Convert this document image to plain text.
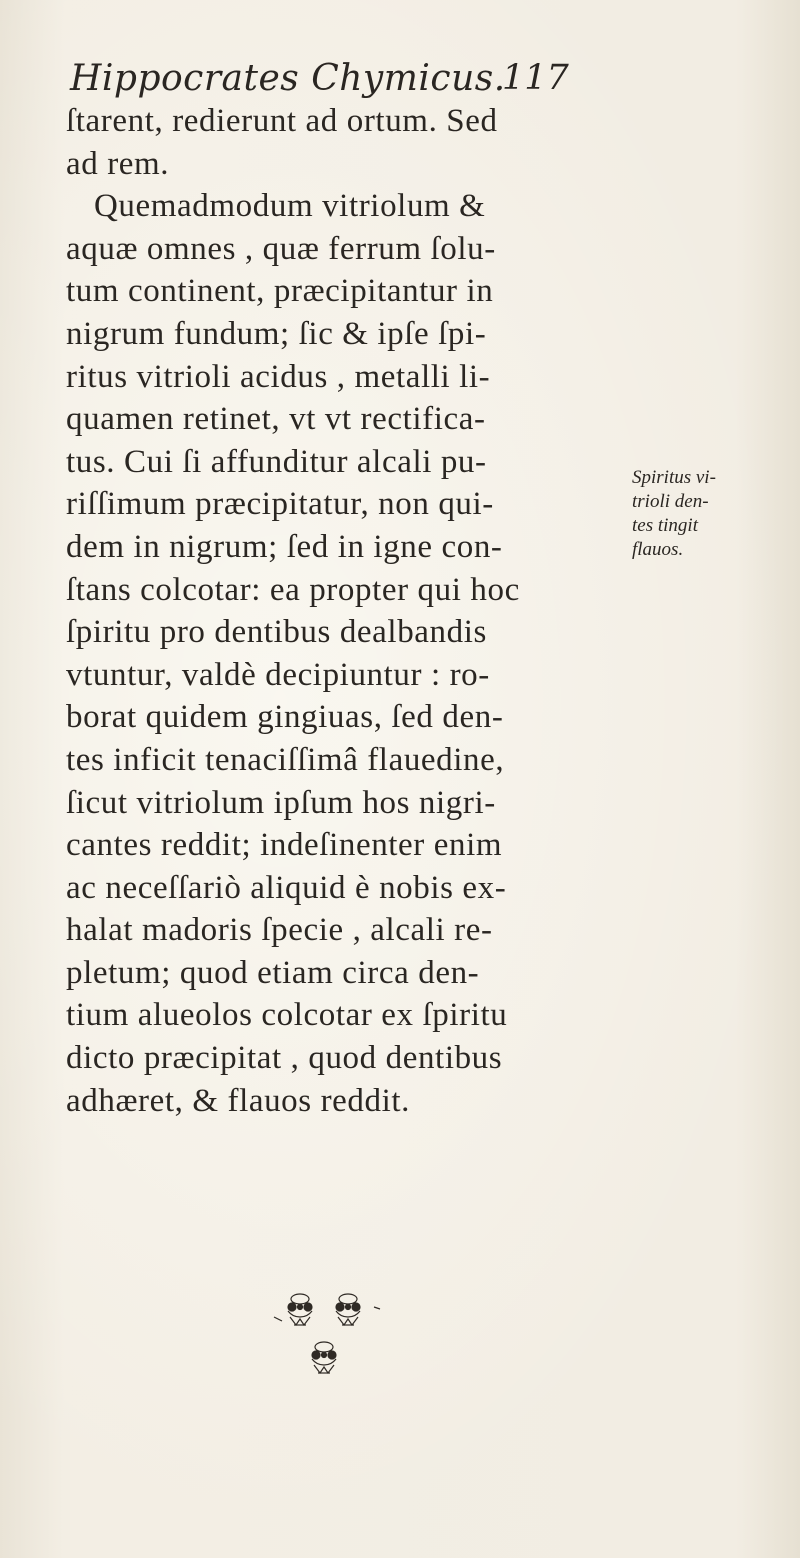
Hippocrates Chymicus.
117
ſtarent, redierunt ad ortum. Sed
ad rem.
Quemadmodum vitriolum &
aquæ omnes , quæ ferrum ſolu-
tum continent, præcipitantur in
nigrum fundum; ſic & ipſe ſpi-
ritus vitrioli acidus , metalli li-
quamen retinet, vt vt rectifica-
tus. Cui ſi affunditur alcali pu-
riſſimum præcipitatur, non qui-
dem in nigrum; ſed in igne con-
ſtans colcotar: ea propter qui hoc
ſpiritu pro dentibus dealbandis
vtuntur, valdè decipiuntur : ro-
borat quidem gingiuas, ſed den-
tes inficit tenaciſſimâ flauedine,
ſicut vitriolum ipſum hos nigri-
cantes reddit; indeſinenter enim
ac neceſſariò aliquid è nobis ex-
halat madoris ſpecie , alcali re-
pletum; quod etiam circa den-
tium alueolos colcotar ex ſpiritu
dicto præcipitat , quod dentibus
adhæret, & flauos reddit.
Spiritus vi-
trioli den-
tes tingit
flauos.
